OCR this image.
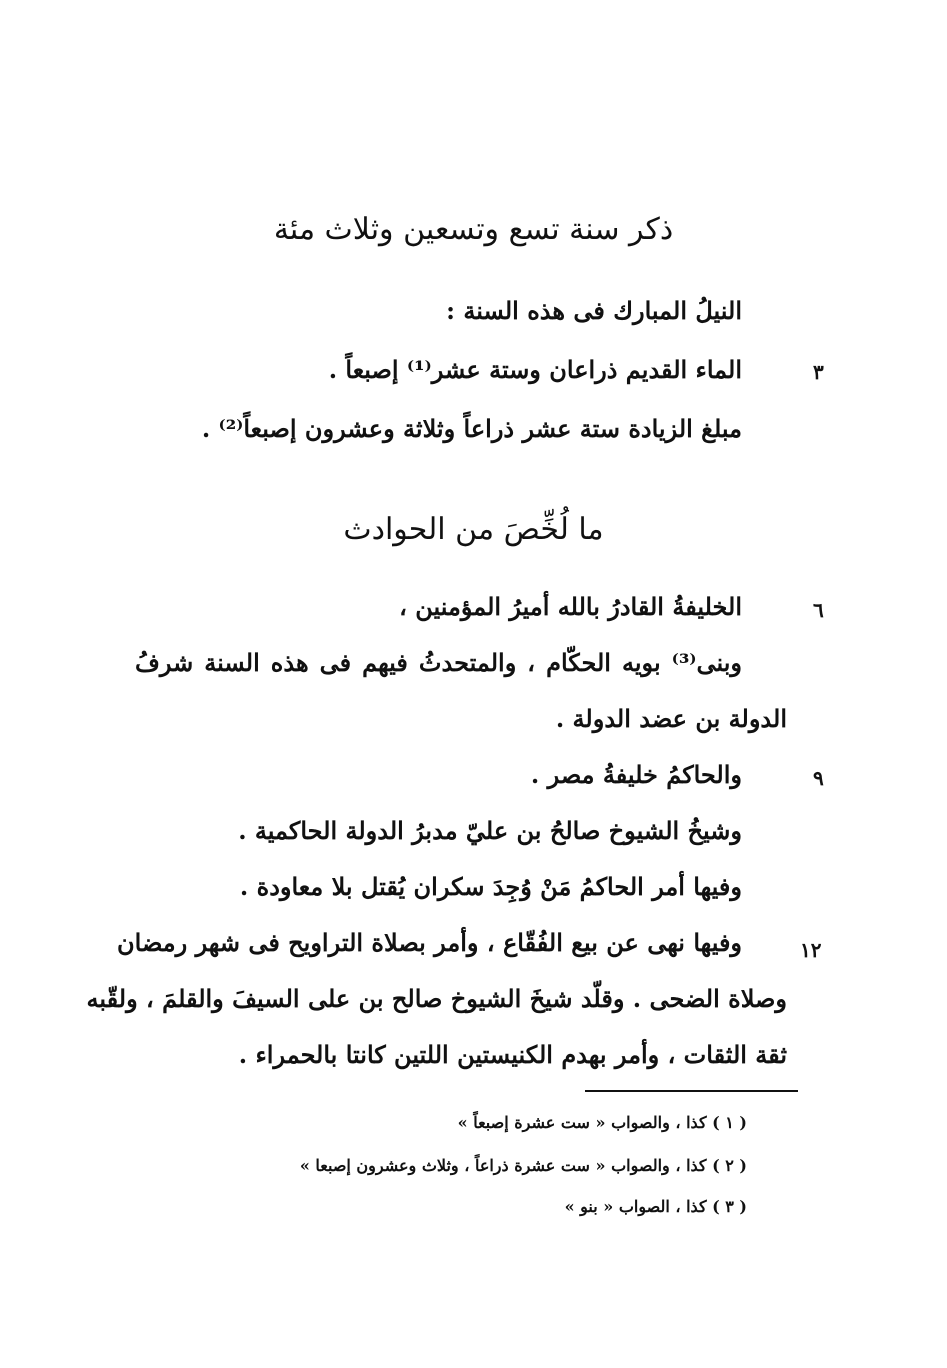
ذكر سنة تسع وتسعين وثلاث مئة
النيلُ المبارك فى هذه السنة :
الماء القديم ذراعان وستة عشر⁽¹⁾ إصبعاً .	٣
مبلغ الزيادة ستة عشر ذراعاً وثلاثة وعشرون إصبعاً⁽²⁾ .
ما لُخِّصَ من الحوادث
الخليفةُ القادرُ بالله أميرُ المؤمنين ،	٦
وبنى⁽³⁾ بويه الحكّام ، والمتحدثُ فيهم فى هذه السنة شرفُ
الدولة بن عضد الدولة .
والحاكمُ خليفةُ مصر .	٩
وشيخُ الشيوخ صالحُ بن عليّ مدبرُ الدولة الحاكمية .
وفيها أمر الحاكمُ مَنْ وُجِدَ سكران يُقتل بلا معاودة .
وفيها نهى عن بيع الفُقّاع ، وأمر بصلاة التراويح فى شهر رمضان	١٢
وصلاة الضحى . وقلّد شيخَ الشيوخ صالح بن على السيفَ والقلمَ ، ولقّبه
ثقة الثقات ، وأمر بهدم الكنيستين اللتين كانتا بالحمراء .
( ١ ) كذا ، والصواب « ست عشرة إصبعاً »
( ٢ ) كذا ، والصواب « ست عشرة ذراعاً ، وثلاث وعشرون إصبعا »
( ٣ ) كذا ، الصواب « بنو »
